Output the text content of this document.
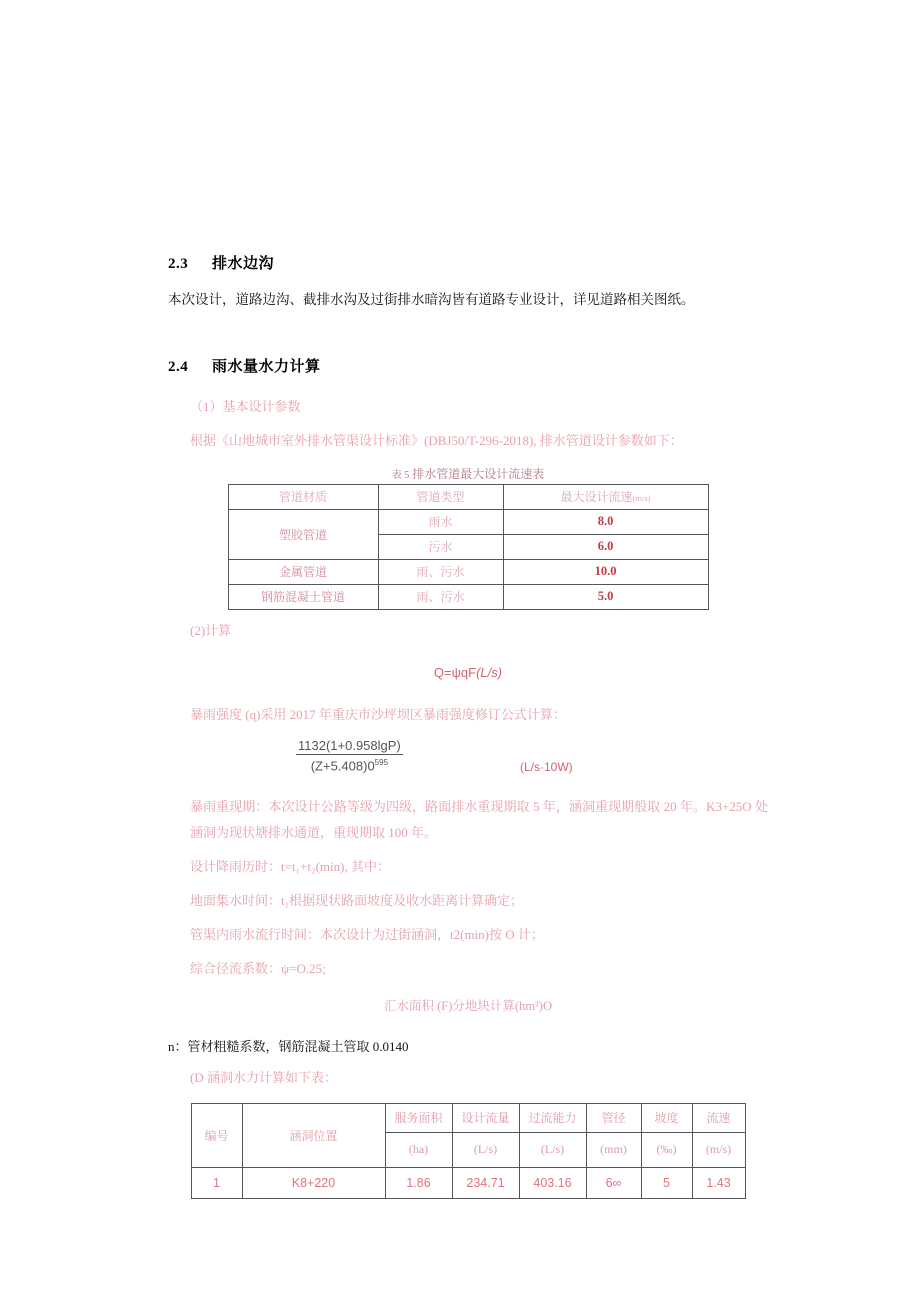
2.3 排水边沟

本次设计，道路边沟、截排水沟及过街排水暗沟皆有道路专业设计，详见道路相关图纸。

2.4 雨水量水力计算

（1）基本设计参数

根据《山地城市室外排水管渠设计标准》(DBJ50/T-296-2018), 排水管道设计参数如下：

表 5 排水管道最大设计流速表
管道材质	管道类型	最大设计流速(m/s)
塑胶管道	雨水	8.0
	污水	6.0
金属管道	雨、污水	10.0
钢筋混凝土管道	雨、污水	5.0

(2)计算

Q=ψqF(L/s)

暴雨强度 (q)采用 2017 年重庆市沙坪坝区暴雨强度修订公式计算：

$\frac{1132(1+0.958\lg P)}{(Z+5.408)0^{595}}$	(L/s·10W)

暴雨重现期：本次设计公路等级为四级，路面排水重现期取 5 年，涵洞重现期般取 20 年。K3+25O 处涵洞为现状塘排水通道，重现期取 100 年。

设计降雨历时：t=t₁+t₂(min), 其中：

地面集水时间：t₁根据现状路面坡度及收水距离计算确定；

管渠内雨水流行时间：本次设计为过街涵洞，t2(min)按 O 计；

综合径流系数：ψ=O.25;

汇水面积 (F)分地块计算(hm²)O

n：管材粗糙系数，钢筋混凝土管取 0.0140

(D 涵洞水力计算如下表：

编号	涵洞位置	服务面积	设计流量	过流能力	管径	坡度	流速
		(ha)	(L/s)	(L/s)	(mm)	(‰)	(m/s)
1	K8+220	1.86	234.71	403.16	6∞	5	1.43
